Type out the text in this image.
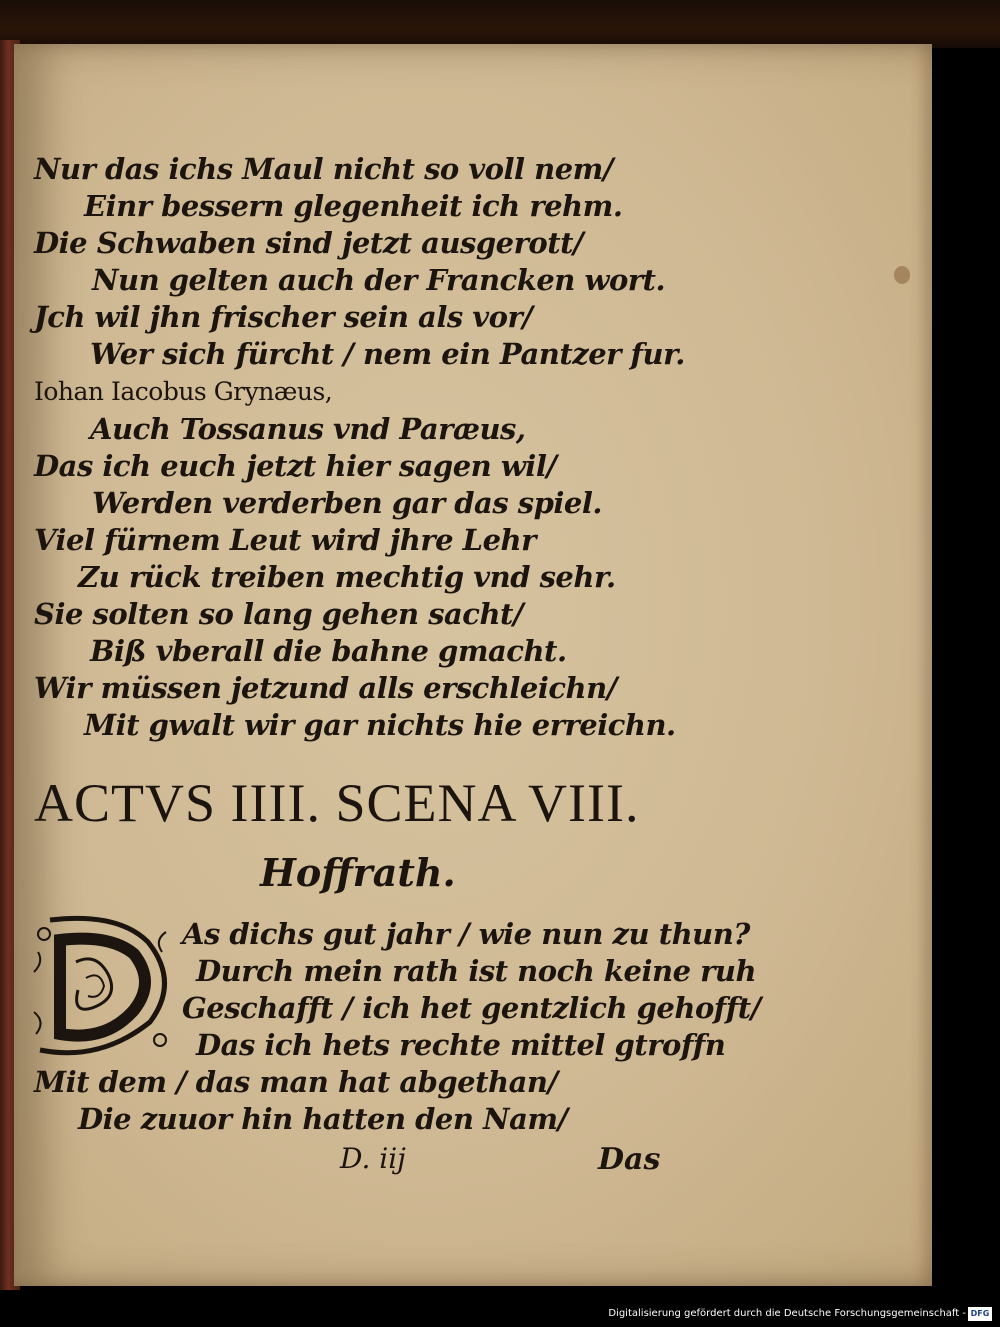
Nur das ichs Maul nicht so voll nem/
Einr bessern glegenheit ich rehm.
Die Schwaben sind jetzt ausgerott/
Nun gelten auch der Francken wort.
Jch wil jhn frischer sein als vor/
Wer sich fürcht / nem ein Pantzer fur.
Iohan Iacobus Grynæus,
Auch Tossanus vnd Paræus,
Das ich euch jetzt hier sagen wil/
Werden verderben gar das spiel.
Viel fürnem Leut wird jhre Lehr
Zu rück treiben mechtig vnd sehr.
Sie solten so lang gehen sacht/
Biß vberall die bahne gmacht.
Wir müssen jetzund alls erschleichn/
Mit gwalt wir gar nichts hie erreichn.
ACTVS IIII. SCENA VIII.
Hoffrath.
As dichs gut jahr / wie nun zu thun?
Durch mein rath ist noch keine ruh
Geschafft / ich het gentzlich gehofft/
Das ich hets rechte mittel gtroffn
Mit dem / das man hat abgethan/
Die zuuor hin hatten den Nam/
D. iij	Das
Digitalisierung gefördert durch die Deutsche Forschungsgemeinschaft - DFG
